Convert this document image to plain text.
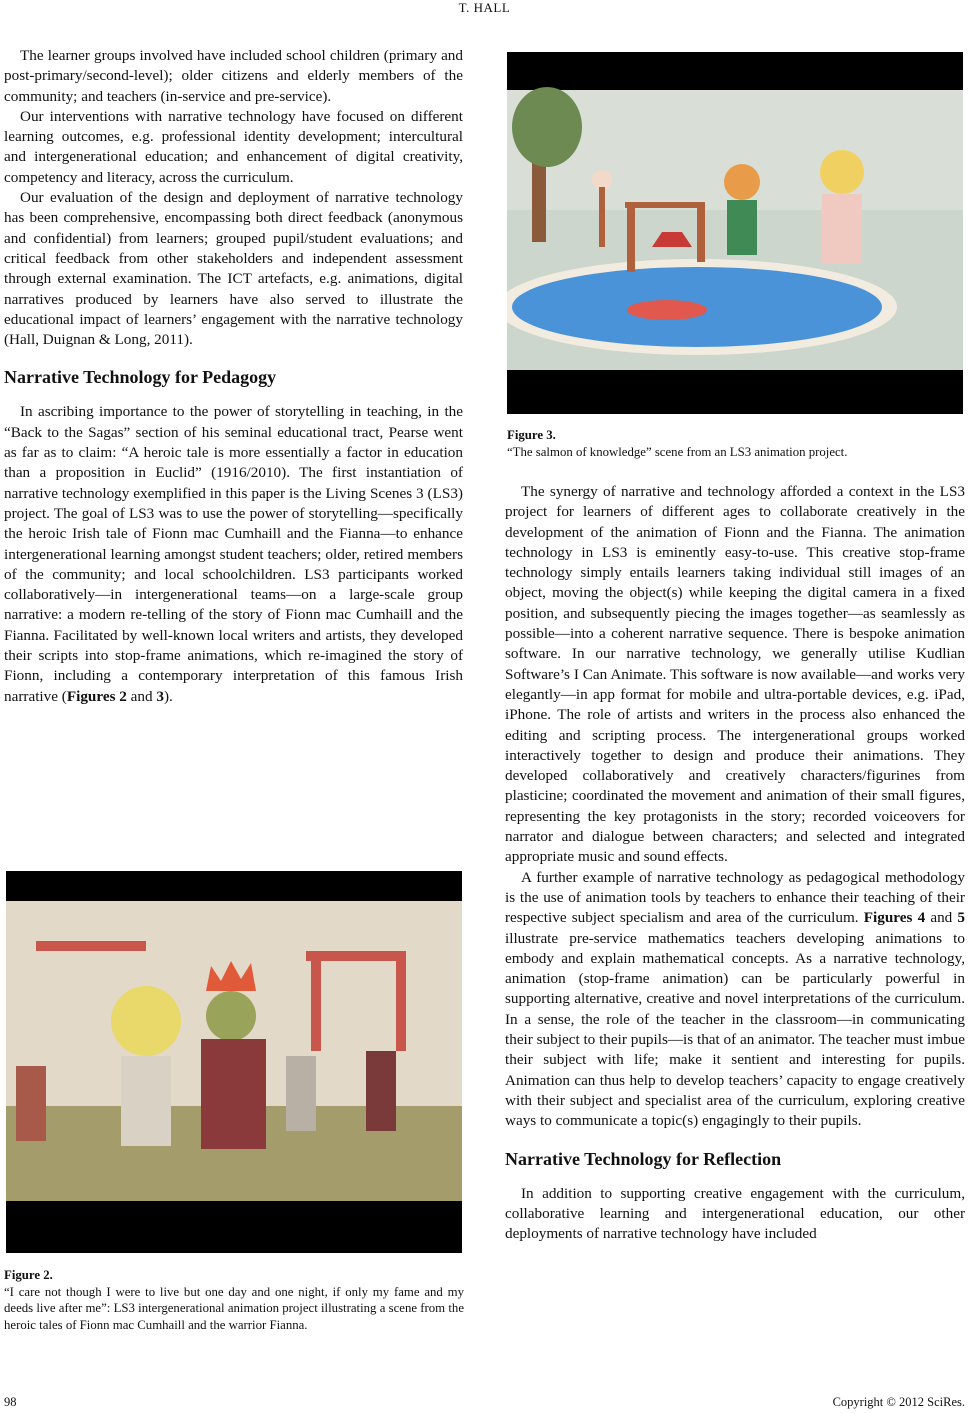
T. HALL
Figure 3.
“The salmon of knowledge” scene from an LS3 animation project.

The learner groups involved have included school children (primary and post-primary/second-level); older citizens and elderly members of the community; and teachers (in-service and pre-service).

Our interventions with narrative technology have focused on different learning outcomes, e.g. professional identity development; intercultural and intergenerational education; and enhancement of digital creativity, competency and literacy, across the curriculum.

Our evaluation of the design and deployment of narrative technology has been comprehensive, encompassing both direct feedback (anonymous and confidential) from learners; grouped pupil/student evaluations; and critical feedback from other stakeholders and independent assessment through external examination. The ICT artefacts, e.g. animations, digital narratives produced by learners have also served to illustrate the educational impact of learners’ engagement with the narrative technology (Hall, Duignan & Long, 2011).

Narrative Technology for Pedagogy

In ascribing importance to the power of storytelling in teaching, in the “Back to the Sagas” section of his seminal educational tract, Pearse went as far as to claim: “A heroic tale is more essentially a factor in education than a proposition in Euclid” (1916/2010). The first instantiation of narrative technology exemplified in this paper is the Living Scenes 3 (LS3) project. The goal of LS3 was to use the power of storytelling—specifically the heroic Irish tale of Fionn mac Cumhaill and the Fianna—to enhance intergenerational learning amongst student teachers; older, retired members of the community; and local schoolchildren. LS3 participants worked collaboratively—in intergenerational teams—on a large-scale group narrative: a modern re-telling of the story of Fionn mac Cumhaill and the Fianna. Facilitated by well-known local writers and artists, they developed their scripts into stop-frame animations, which re-imagined the story of Fionn, including a contemporary interpretation of this famous Irish narrative (Figures 2 and 3).

Figure 2.
“I care not though I were to live but one day and one night, if only my fame and my deeds live after me”: LS3 intergenerational animation project illustrating a scene from the heroic tales of Fionn mac Cumhaill and the warrior Fianna.

The synergy of narrative and technology afforded a context in the LS3 project for learners of different ages to collaborate creatively in the development of the animation of Fionn and the Fianna. The animation technology in LS3 is eminently easy-to-use. This creative stop-frame technology simply entails learners taking individual still images of an object, moving the object(s) while keeping the digital camera in a fixed position, and subsequently piecing the images together—as seamlessly as possible—into a coherent narrative sequence. There is bespoke animation software. In our narrative technology, we generally utilise Kudlian Software’s I Can Animate. This software is now available—and works very elegantly—in app format for mobile and ultra-portable devices, e.g. iPad, iPhone. The role of artists and writers in the process also enhanced the editing and scripting process. The intergenerational groups worked interactively together to design and produce their animations. They developed collaboratively and creatively characters/figurines from plasticine; coordinated the movement and animation of their small figures, representing the key protagonists in the story; recorded voiceovers for narrator and dialogue between characters; and selected and integrated appropriate music and sound effects.

A further example of narrative technology as pedagogical methodology is the use of animation tools by teachers to enhance their teaching of their respective subject specialism and area of the curriculum. Figures 4 and 5 illustrate pre-service mathematics teachers developing animations to embody and explain mathematical concepts. As a narrative technology, animation (stop-frame animation) can be particularly powerful in supporting alternative, creative and novel interpretations of the curriculum. In a sense, the role of the teacher in the classroom—in communicating their subject to their pupils—is that of an animator. The teacher must imbue their subject with life; make it sentient and interesting for pupils. Animation can thus help to develop teachers’ capacity to engage creatively with their subject and specialist area of the curriculum, exploring creative ways to communicate a topic(s) engagingly to their pupils.

Narrative Technology for Reflection

In addition to supporting creative engagement with the curriculum, collaborative learning and intergenerational education, our other deployments of narrative technology have included

98	Copyright © 2012 SciRes.
